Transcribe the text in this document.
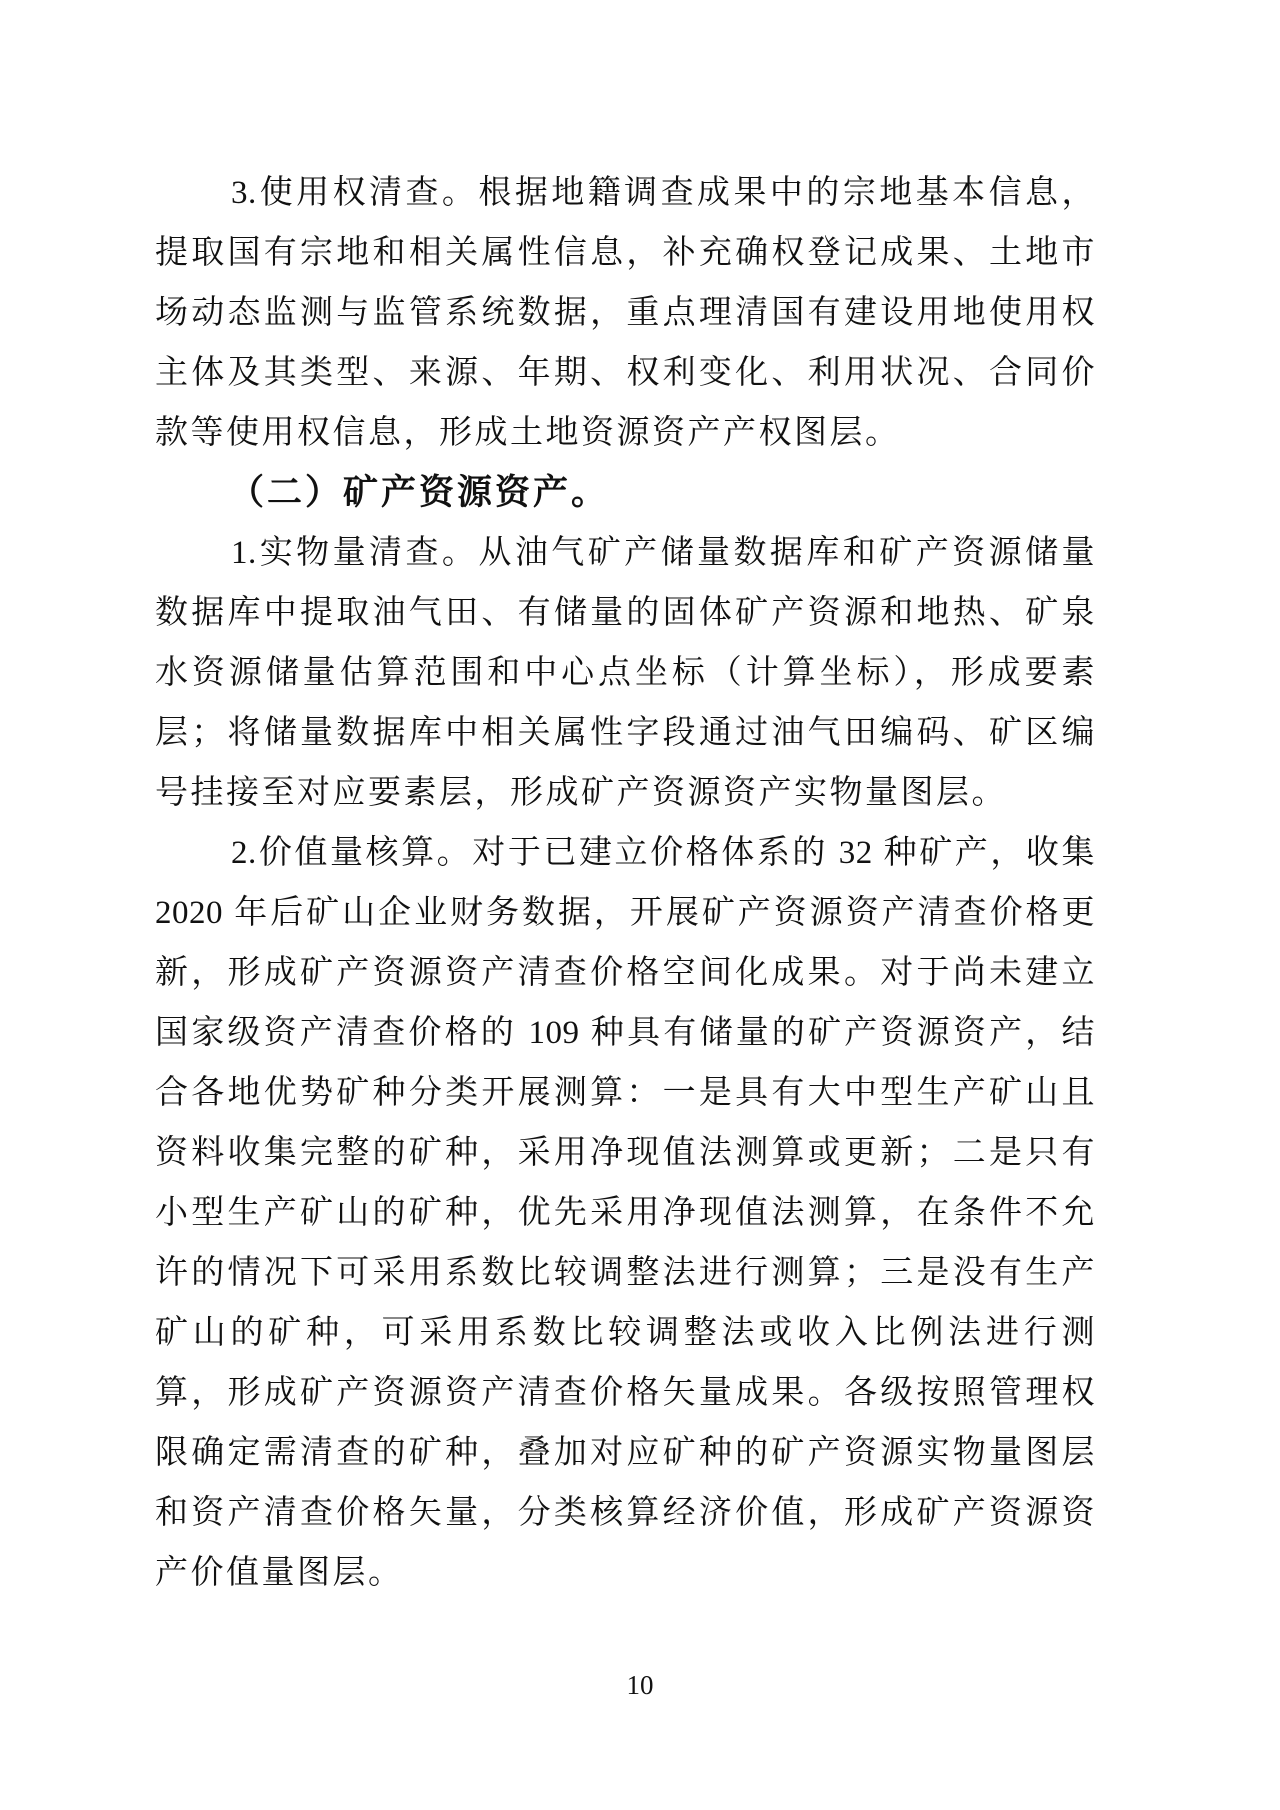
3.使用权清查。根据地籍调查成果中的宗地基本信息，
提取国有宗地和相关属性信息，补充确权登记成果、土地市
场动态监测与监管系统数据，重点理清国有建设用地使用权
主体及其类型、来源、年期、权利变化、利用状况、合同价
款等使用权信息，形成土地资源资产产权图层。
（二）矿产资源资产。
1.实物量清查。从油气矿产储量数据库和矿产资源储量
数据库中提取油气田、有储量的固体矿产资源和地热、矿泉
水资源储量估算范围和中心点坐标（计算坐标），形成要素
层；将储量数据库中相关属性字段通过油气田编码、矿区编
号挂接至对应要素层，形成矿产资源资产实物量图层。
2.价值量核算。对于已建立价格体系的 32 种矿产，收集
2020 年后矿山企业财务数据，开展矿产资源资产清查价格更
新，形成矿产资源资产清查价格空间化成果。对于尚未建立
国家级资产清查价格的 109 种具有储量的矿产资源资产，结
合各地优势矿种分类开展测算：一是具有大中型生产矿山且
资料收集完整的矿种，采用净现值法测算或更新；二是只有
小型生产矿山的矿种，优先采用净现值法测算，在条件不允
许的情况下可采用系数比较调整法进行测算；三是没有生产
矿山的矿种，可采用系数比较调整法或收入比例法进行测
算，形成矿产资源资产清查价格矢量成果。各级按照管理权
限确定需清查的矿种，叠加对应矿种的矿产资源实物量图层
和资产清查价格矢量，分类核算经济价值，形成矿产资源资
产价值量图层。
10
